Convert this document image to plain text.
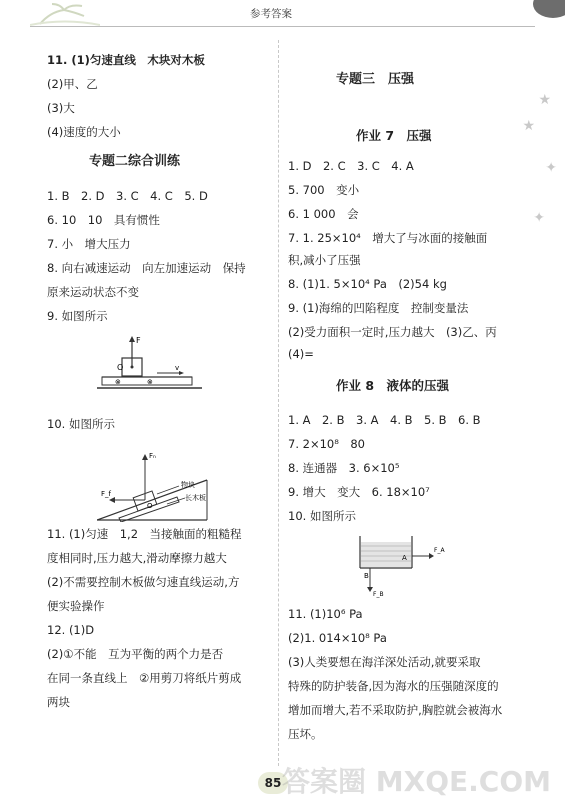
参考答案
★
★
✦
✦
11. (1)匀速直线　木块对木板
(2)甲、乙
(3)大
(4)速度的大小
专题二综合训练
1. B　2. D　3. C　4. C　5. D
6. 10　10　具有惯性
7. 小　增大压力
8. 向右减速运动　向左加速运动　保持
原来运动状态不变
9. 如图所示
F
O
⊗	⊗
v
10. 如图所示
Fₙ
F_f
O
物块
长木板
11. (1)匀速　1,2　当接触面的粗糙程
度相同时,压力越大,滑动摩擦力越大
(2)不需要控制木板做匀速直线运动,方
便实验操作
12. (1)D
(2)①不能　互为平衡的两个力是否
在同一条直线上　②用剪刀将纸片剪成
两块
专题三　压强
作业 7　压强
1. D　2. C　3. C　4. A
5. 700　变小
6. 1 000　会
7. 1. 25×10⁴　增大了与冰面的接触面
积,减小了压强
8. (1)1. 5×10⁴ Pa　(2)54 kg
9. (1)海绵的凹陷程度　控制变量法
(2)受力面积一定时,压力越大　(3)乙、丙
(4)=
作业 8　液体的压强
1. A　2. B　3. A　4. B　5. B　6. B
7. 2×10⁸　80
8. 连通器　3. 6×10⁵
9. 增大　变大　6. 18×10⁷
10. 如图所示
A
F_A
B
F_B
11. (1)10⁶ Pa
(2)1. 014×10⁸ Pa
(3)人类要想在海洋深处活动,就要采取
特殊的防护装备,因为海水的压强随深度的
增加而增大,若不采取防护,胸腔就会被海水
压坏。
85 答案圈 MXQE.COM
